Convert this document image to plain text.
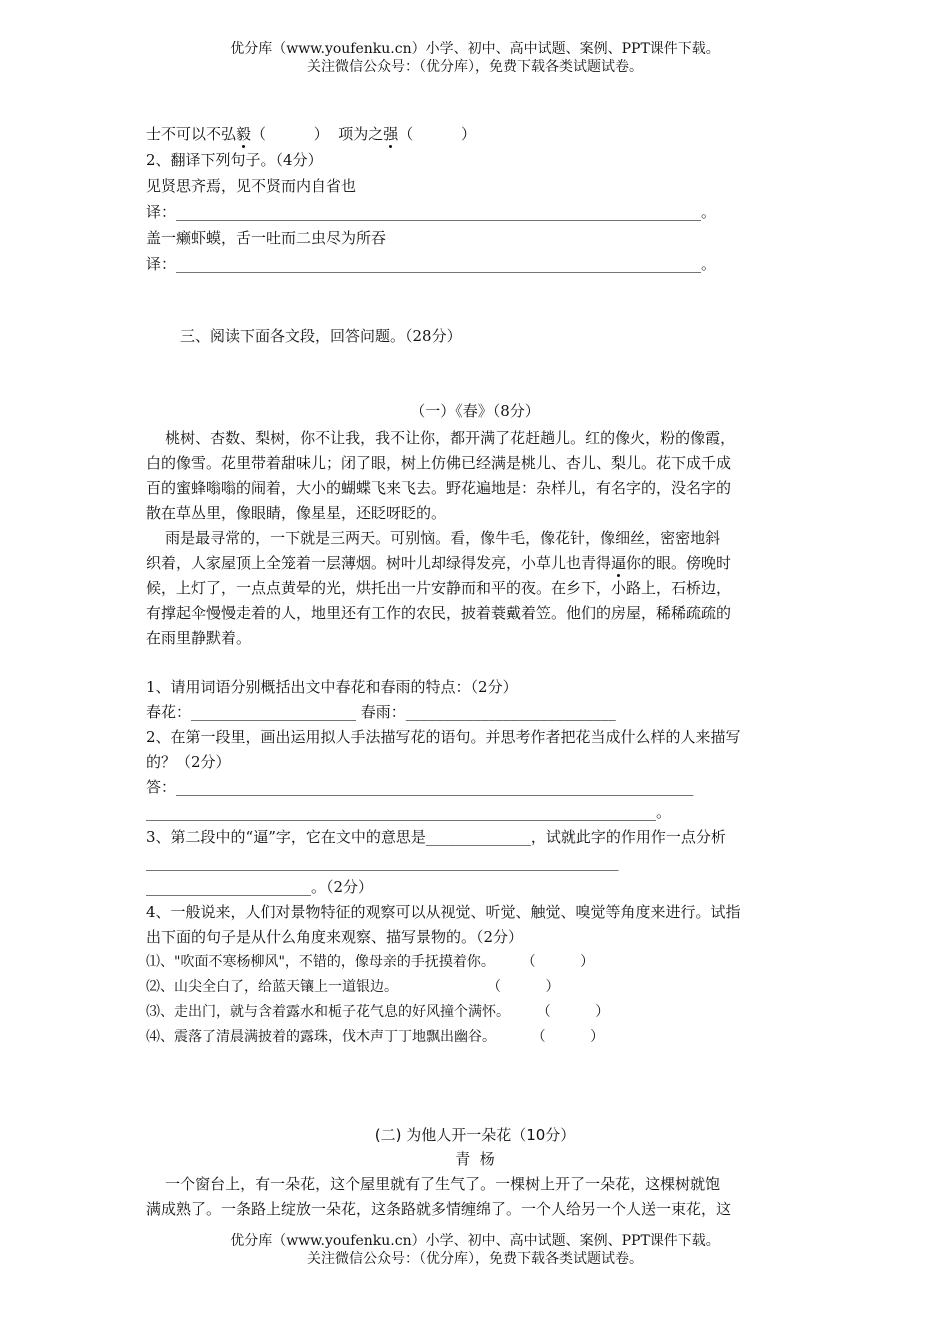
优分库（www.youfenku.cn）小学、初中、高中试题、案例、PPT课件下载。
关注微信公众号：（优分库），免费下载各类试题试卷。
士不可以不弘毅（          ）  项为之强（          ）
2、翻译下列句子。（4分）
见贤思齐焉，见不贤而内自省也
译：______________________________________________________________________。
盖一癞虾蟆，舌一吐而二虫尽为所吞
译：______________________________________________________________________。
三、阅读下面各文段，回答问题。（28分）
（一）《春》（8分）
桃树、杏数、梨树，你不让我，我不让你，都开满了花赶趟儿。红的像火，粉的像霞，
白的像雪。花里带着甜味儿；闭了眼，树上仿佛已经满是桃儿、杏儿、梨儿。花下成千成
百的蜜蜂嗡嗡的闹着，大小的蝴蝶飞来飞去。野花遍地是：杂样儿，有名字的，没名字的
散在草丛里，像眼睛，像星星，还眨呀眨的。
雨是最寻常的，一下就是三两天。可别恼。看，像牛毛，像花针，像细丝，密密地斜
织着，人家屋顶上全笼着一层薄烟。树叶儿却绿得发亮，小草儿也青得逼你的眼。傍晚时
候，上灯了，一点点黄晕的光，烘托出一片安静而和平的夜。在乡下，小路上，石桥边，
有撑起伞慢慢走着的人，地里还有工作的农民，披着蓑戴着笠。他们的房屋，稀稀疏疏的
在雨里静默着。
1、请用词语分别概括出文中春花和春雨的特点：（2分）
春花：______________________ 春雨：____________________________
2、在第一段里，画出运用拟人手法描写花的语句。并思考作者把花当成什么样的人来描写
的？（2分）
答：_____________________________________________________________________
____________________________________________________________________。
3、第二段中的“逼”字，它在文中的意思是______________，试就此字的作用作一点分析
_______________________________________________________________
______________________。（2分）
4、一般说来，人们对景物特征的观察可以从视觉、听觉、触觉、嗅觉等角度来进行。试指
出下面的句子是从什么角度来观察、描写景物的。（2分）
⑴、"吹面不寒杨柳风"，不错的，像母亲的手抚摸着你。      （          ）
⑵、山尖全白了，给蓝天镶上一道银边。                    （          ）
⑶、走出门，就与含着露水和栀子花气息的好风撞个满怀。      （          ）
⑷、震落了清晨满披着的露珠，伐木声丁丁地飘出幽谷。        （          ）
(二) 为他人开一朵花（10分）
青  杨
一个窗台上，有一朵花，这个屋里就有了生气了。一棵树上开了一朵花，这棵树就饱
满成熟了。一条路上绽放一朵花，这条路就多情缠绵了。一个人给另一个人送一束花，这
优分库（www.youfenku.cn）小学、初中、高中试题、案例、PPT课件下载。
关注微信公众号：（优分库），免费下载各类试题试卷。
